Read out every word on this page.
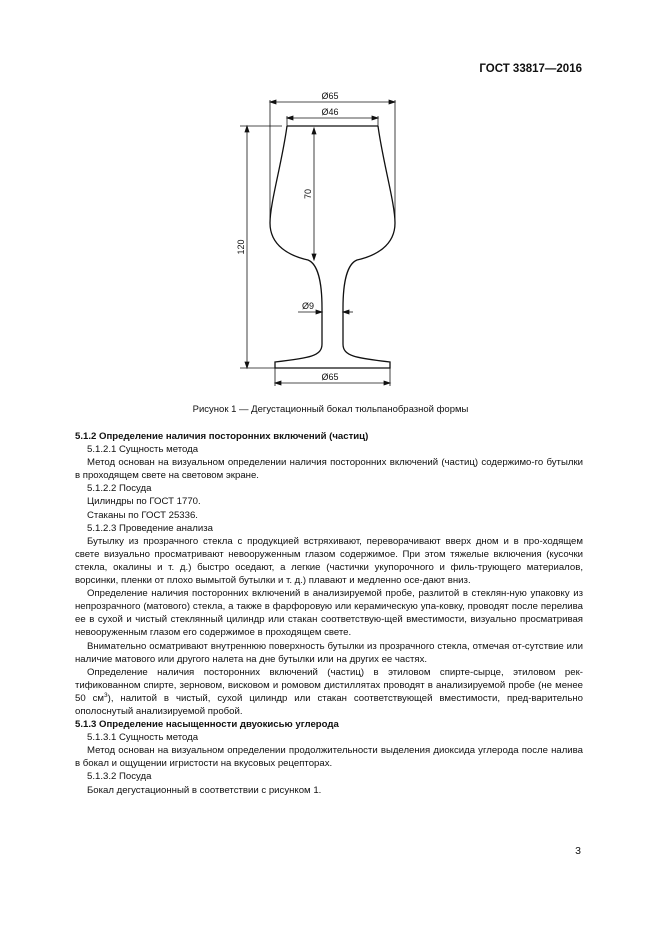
ГОСТ 33817—2016
Ø65
Ø46
70
120
Ø9
Ø65
Рисунок 1 — Дегустационный бокал тюльпанобразной формы

5.1.2 Определение наличия посторонних включений (частиц)

5.1.2.1 Сущность метода

Метод основан на визуальном определении наличия посторонних включений (частиц) содержимо-го бутылки в проходящем свете на световом экране.

5.1.2.2 Посуда

Цилиндры по ГОСТ 1770.

Стаканы по ГОСТ 25336.

5.1.2.3 Проведение анализа

Бутылку из прозрачного стекла с продукцией встряхивают, переворачивают вверх дном и в про-ходящем свете визуально просматривают невооруженным глазом содержимое. При этом тяжелые включения (кусочки стекла, окалины и т. д.) быстро оседают, а легкие (частички укупорочного и филь-трующего материалов, ворсинки, пленки от плохо вымытой бутылки и т. д.) плавают и медленно осе-дают вниз.

Определение наличия посторонних включений в анализируемой пробе, разлитой в стеклян-ную упаковку из непрозрачного (матового) стекла, а также в фарфоровую или керамическую упа-ковку, проводят после перелива ее в сухой и чистый стеклянный цилиндр или стакан соответствую-щей вместимости, визуально просматривая невооруженным глазом его содержимое в проходящем свете.

Внимательно осматривают внутреннюю поверхность бутылки из прозрачного стекла, отмечая от-сутствие или наличие матового или другого налета на дне бутылки или на других ее частях.

Определение наличия посторонних включений (частиц) в этиловом спирте-сырце, этиловом рек-тификованном спирте, зерновом, висковом и ромовом дистиллятах проводят в анализируемой пробе (не менее 50 $см^3$), налитой в чистый, сухой цилиндр или стакан соответствующей вместимости, пред-варительно ополоснутый анализируемой пробой.

5.1.3 Определение насыщенности двуокисью углерода

5.1.3.1 Сущность метода

Метод основан на визуальном определении продолжительности выделения диоксида углерода после налива в бокал и ощущении игристости на вкусовых рецепторах.

5.1.3.2 Посуда

Бокал дегустационный в соответствии с рисунком 1.

3
